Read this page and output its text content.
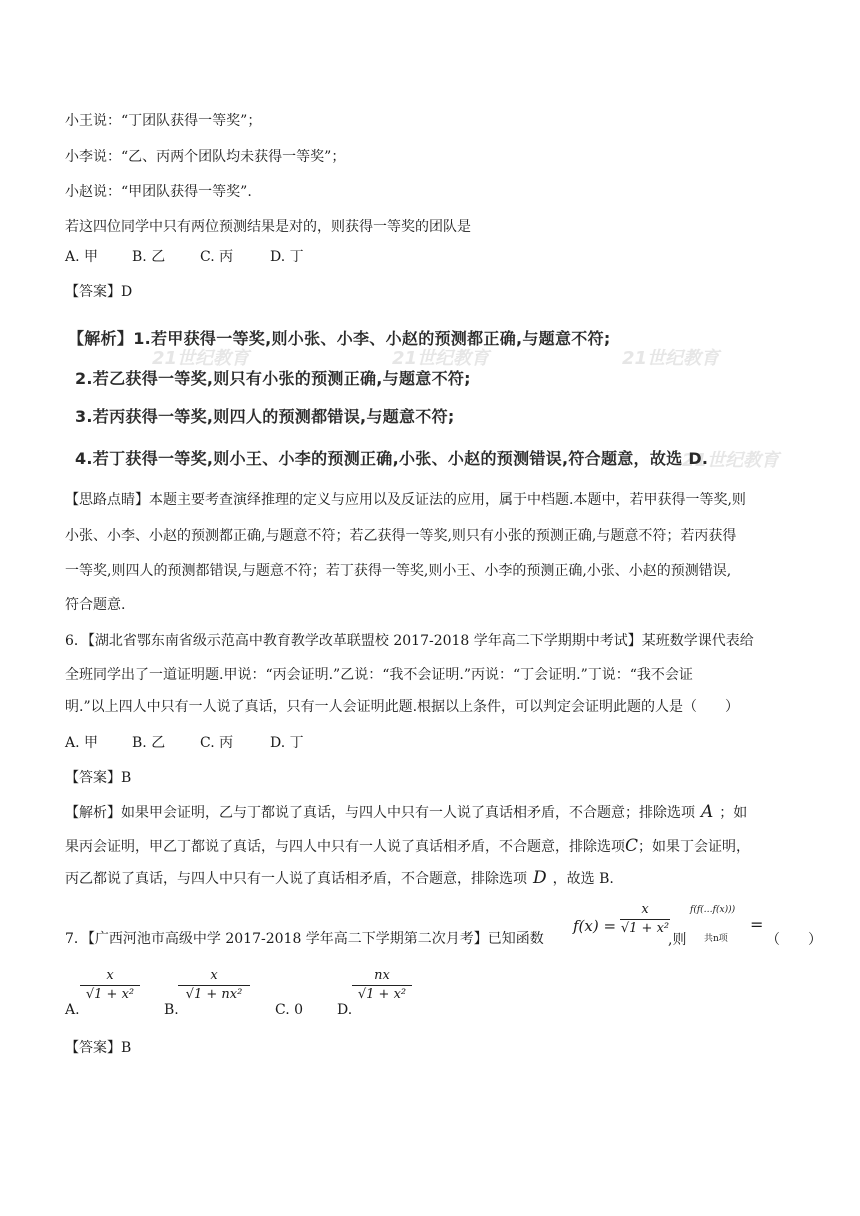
小王说：“丁团队获得一等奖”；
小李说：“乙、丙两个团队均未获得一等奖”；
小赵说：“甲团队获得一等奖”.
若这四位同学中只有两位预测结果是对的，则获得一等奖的团队是
A. 甲 B. 乙 C. 丙	D. 丁
【答案】D
21世纪教育	21世纪教育	21世纪教育
21世纪教育
【解析】1.若甲获得一等奖,则小张、小李、小赵的预测都正确,与题意不符;
2.若乙获得一等奖,则只有小张的预测正确,与题意不符;
3.若丙获得一等奖,则四人的预测都错误,与题意不符;
4.若丁获得一等奖,则小王、小李的预测正确,小张、小赵的预测错误,符合题意，故选 D.
【思路点睛】本题主要考查演绎推理的定义与应用以及反证法的应用，属于中档题.本题中，若甲获得一等奖,则
小张、小李、小赵的预测都正确,与题意不符；若乙获得一等奖,则只有小张的预测正确,与题意不符；若丙获得
一等奖,则四人的预测都错误,与题意不符；若丁获得一等奖,则小王、小李的预测正确,小张、小赵的预测错误,
符合题意.
6．【湖北省鄂东南省级示范高中教育教学改革联盟校 2017-2018 学年高二下学期期中考试】某班数学课代表给
全班同学出了一道证明题.甲说：“丙会证明.”乙说：“我不会证明.”丙说：“丁会证明.”丁说：“我不会证
明.”以上四人中只有一人说了真话，只有一人会证明此题.根据以上条件，可以判定会证明此题的人是（　　）
A. 甲 B. 乙 C. 丙	D. 丁
【答案】B
【解析】如果甲会证明，乙与丁都说了真话，与四人中只有一人说了真话相矛盾，不合题意；排除选项 A ；如
果丙会证明，甲乙丁都说了真话，与四人中只有一人说了真话相矛盾，不合题意，排除选项C；如果丁会证明，
丙乙都说了真话，与四人中只有一人说了真话相矛盾，不合题意，排除选项 D ，故选 B.
7．【广西河池市高级中学 2017-2018 学年高二下学期第二次月考】已知函数
f(x) =
x
√1 + x²
,则
f(f(…f(x)))
共n项
=
（　　）
A.
x
√1 + x²
B.
x
√1 + nx²
C. 0 D.
nx
√1 + x²
【答案】B
